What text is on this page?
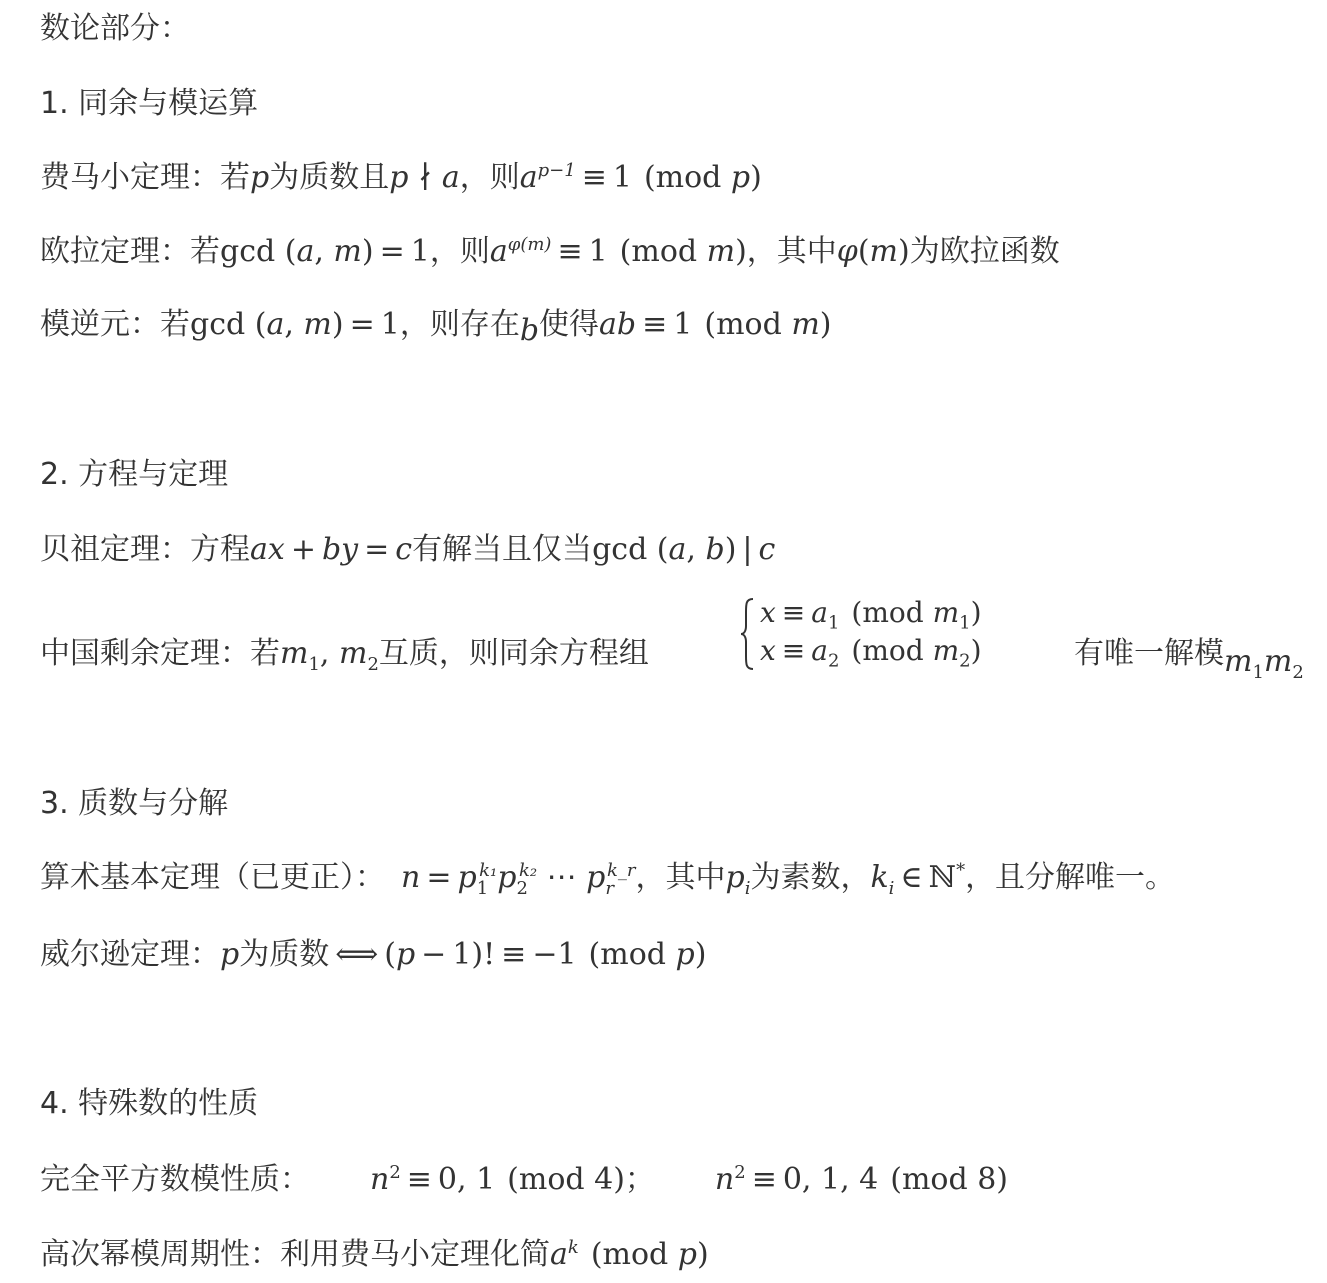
数论部分：
1. 同余与模运算
费马小定理：若p为质数且p ∤ a，则$a^{p-1} \equiv 1$ (mod p)
欧拉定理：若gcd (a, m) = 1，则$a^{\varphi(m)} \equiv 1$ (mod m)，其中φ(m)为欧拉函数
模逆元：若gcd (a, m) = 1，则存在b使得ab ≡ 1 (mod m)
2. 方程与定理
贝祖定理：方程ax + by = c有解当且仅当gcd (a, b) | c
中国剩余定理：若$m_1$, $m_2$互质，则同余方程组
$x \equiv a_1$ (mod $m_1$)
$x \equiv a_2$ (mod $m_2$)	有唯一解模$m_1m_2$
3. 质数与分解
算术基本定理（已更正）： $n = p_1^{k_1}p_2^{k_2}$ ⋯ $p_r^{k\_r}$，其中$p_i$为素数，$k_i$ ∈ ℕ*，且分解唯一。
威尔逊定理：p为质数 ⟺ (p − 1)! ≡ −1 (mod p)
4. 特殊数的性质
完全平方数模性质： $n^2 \equiv 0$, 1 (mod 4)； $n^2 \equiv 0$, 1, 4 (mod 8)
高次幂模周期性：利用费马小定理化简$a^k$ (mod p)
